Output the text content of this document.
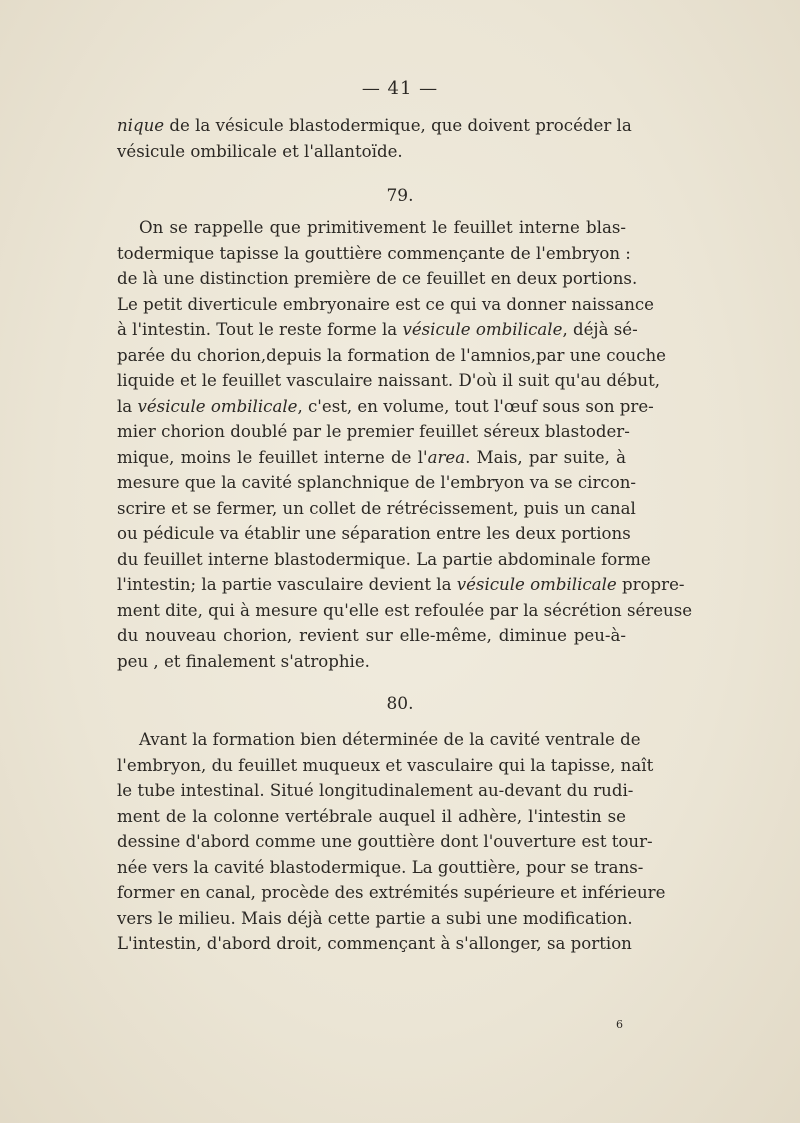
— 41 —
nique de la vésicule blastodermique, que doivent procéder la
vésicule ombilicale et l'allantoïde.
79.
On se rappelle que primitivement le feuillet interne blas-
todermique tapisse la gouttière commençante de l'embryon :
de là une distinction première de ce feuillet en deux portions.
Le petit diverticule embryonaire est ce qui va donner naissance
à l'intestin. Tout le reste forme la vésicule ombilicale, déjà sé-
parée du chorion,depuis la formation de l'amnios,par une couche
liquide et le feuillet vasculaire naissant. D'où il suit qu'au début,
la vésicule ombilicale, c'est, en volume, tout l'œuf sous son pre-
mier chorion doublé par le premier feuillet séreux blastoder-
mique, moins le feuillet interne de l'area. Mais, par suite, à
mesure que la cavité splanchnique de l'embryon va se circon-
scrire et se fermer, un collet de rétrécissement, puis un canal
ou pédicule va établir une séparation entre les deux portions
du feuillet interne blastodermique. La partie abdominale forme
l'intestin; la partie vasculaire devient la vésicule ombilicale propre-
ment dite, qui à mesure qu'elle est refoulée par la sécrétion séreuse
du nouveau chorion, revient sur elle-même, diminue peu-à-
peu , et finalement s'atrophie.
80.
Avant la formation bien déterminée de la cavité ventrale de
l'embryon, du feuillet muqueux et vasculaire qui la tapisse, naît
le tube intestinal. Situé longitudinalement au-devant du rudi-
ment de la colonne vertébrale auquel il adhère, l'intestin se
dessine d'abord comme une gouttière dont l'ouverture est tour-
née vers la cavité blastodermique. La gouttière, pour se trans-
former en canal, procède des extrémités supérieure et inférieure
vers le milieu. Mais déjà cette partie a subi une modification.
L'intestin, d'abord droit, commençant à s'allonger, sa portion
6
